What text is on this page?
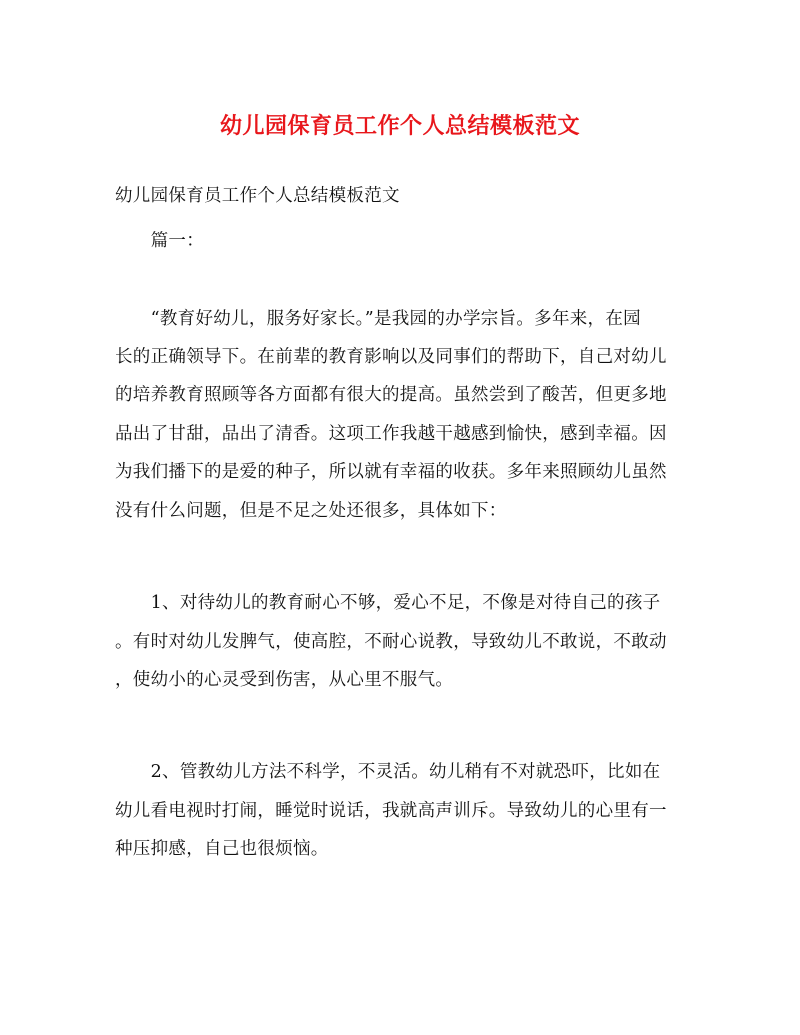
幼儿园保育员工作个人总结模板范文
幼儿园保育员工作个人总结模板范文
　　篇一：
　　“教育好幼儿，服务好家长。”是我园的办学宗旨。多年来，在园
长的正确领导下。在前辈的教育影响以及同事们的帮助下，自己对幼儿
的培养教育照顾等各方面都有很大的提高。虽然尝到了酸苦，但更多地
品出了甘甜，品出了清香。这项工作我越干越感到愉快，感到幸福。因
为我们播下的是爱的种子，所以就有幸福的收获。多年来照顾幼儿虽然
没有什么问题，但是不足之处还很多，具体如下：
　　1、对待幼儿的教育耐心不够，爱心不足，不像是对待自己的孩子
。有时对幼儿发脾气，使高腔，不耐心说教，导致幼儿不敢说，不敢动
，使幼小的心灵受到伤害，从心里不服气。
　　2、管教幼儿方法不科学，不灵活。幼儿稍有不对就恐吓，比如在
幼儿看电视时打闹，睡觉时说话，我就高声训斥。导致幼儿的心里有一
种压抑感，自己也很烦恼。
